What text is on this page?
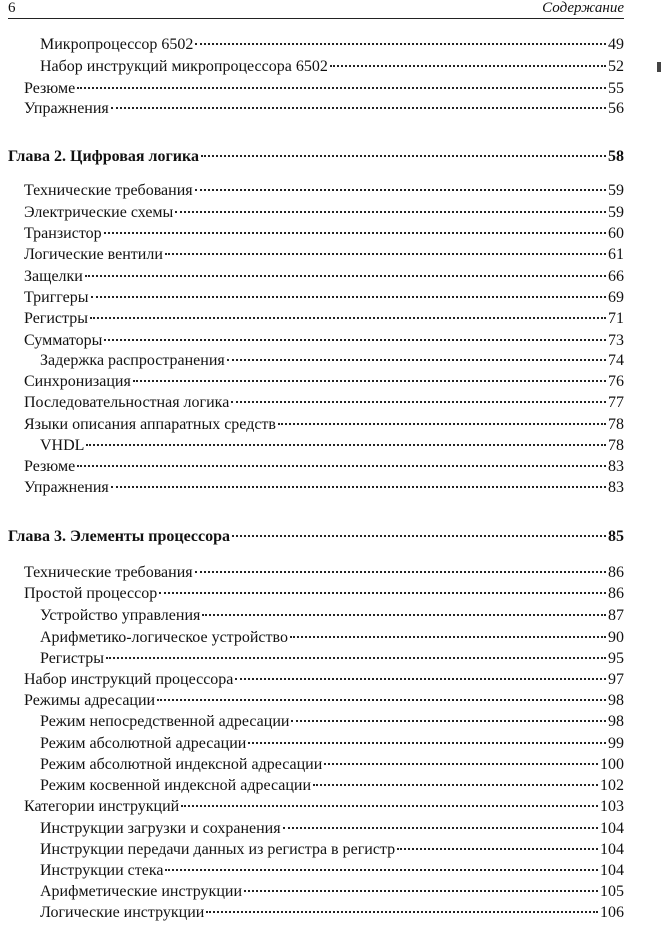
6	Содержание
Микропроцессор 6502	49
Набор инструкций микропроцессора 6502	52
Резюме	55
Упражнения	56
Глава 2. Цифровая логика	58
Технические требования	59
Электрические схемы	59
Транзистор	60
Логические вентили	61
Защелки	66
Триггеры	69
Регистры	71
Сумматоры	73
Задержка распространения	74
Синхронизация	76
Последовательностная логика	77
Языки описания аппаратных средств	78
VHDL	78
Резюме	83
Упражнения	83
Глава 3. Элементы процессора	85
Технические требования	86
Простой процессор	86
Устройство управления	87
Арифметико-логическое устройство	90
Регистры	95
Набор инструкций процессора	97
Режимы адресации	98
Режим непосредственной адресации	98
Режим абсолютной адресации	99
Режим абсолютной индексной адресации	100
Режим косвенной индексной адресации	102
Категории инструкций	103
Инструкции загрузки и сохранения	104
Инструкции передачи данных из регистра в регистр	104
Инструкции стека	104
Арифметические инструкции	105
Логические инструкции	106
